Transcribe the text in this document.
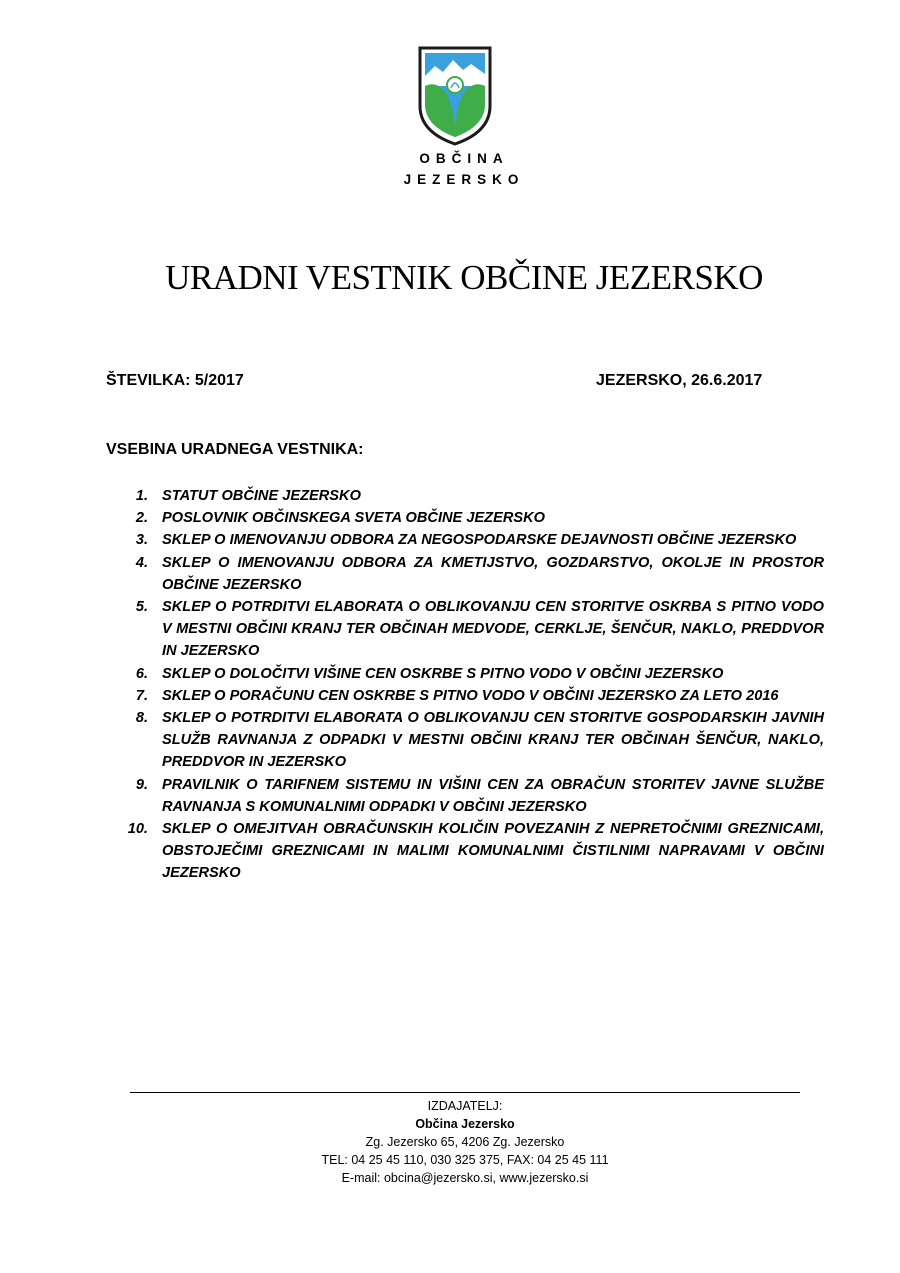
OBČINA
JEZERSKO
URADNI VESTNIK OBČINE JEZERSKO
ŠTEVILKA: 5/2017	JEZERSKO, 26.6.2017
VSEBINA URADNEGA VESTNIKA:
1. STATUT OBČINE JEZERSKO
2. POSLOVNIK OBČINSKEGA SVETA OBČINE JEZERSKO
3. SKLEP O IMENOVANJU ODBORA ZA NEGOSPODARSKE DEJAVNOSTI OBČINE JEZERSKO
4. SKLEP O IMENOVANJU ODBORA ZA KMETIJSTVO, GOZDARSTVO, OKOLJE IN PROSTOR OBČINE JEZERSKO
5. SKLEP O POTRDITVI ELABORATA O OBLIKOVANJU CEN STORITVE OSKRBA S PITNO VODO V MESTNI OBČINI KRANJ TER OBČINAH MEDVODE, CERKLJE, ŠENČUR, NAKLO, PREDDVOR IN JEZERSKO
6. SKLEP O DOLOČITVI VIŠINE CEN OSKRBE S PITNO VODO V OBČINI JEZERSKO
7. SKLEP O PORAČUNU CEN OSKRBE S PITNO VODO V OBČINI JEZERSKO ZA LETO 2016
8. SKLEP O POTRDITVI ELABORATA O OBLIKOVANJU CEN STORITVE GOSPODARSKIH JAVNIH SLUŽB RAVNANJA Z ODPADKI V MESTNI OBČINI KRANJ TER OBČINAH ŠENČUR, NAKLO, PREDDVOR IN JEZERSKO
9. PRAVILNIK O TARIFNEM SISTEMU IN VIŠINI CEN ZA OBRAČUN STORITEV JAVNE SLUŽBE RAVNANJA S KOMUNALNIMI ODPADKI V OBČINI JEZERSKO
10. SKLEP O OMEJITVAH OBRAČUNSKIH KOLIČIN POVEZANIH Z NEPRETOČNIMI GREZNICAMI, OBSTOJEČIMI GREZNICAMI IN MALIMI KOMUNALNIMI ČISTILNIMI NAPRAVAMI V OBČINI JEZERSKO
IZDAJATELJ:
Občina Jezersko
Zg. Jezersko 65, 4206 Zg. Jezersko
TEL: 04 25 45 110, 030 325 375, FAX: 04 25 45 111
E-mail: obcina@jezersko.si, www.jezersko.si
